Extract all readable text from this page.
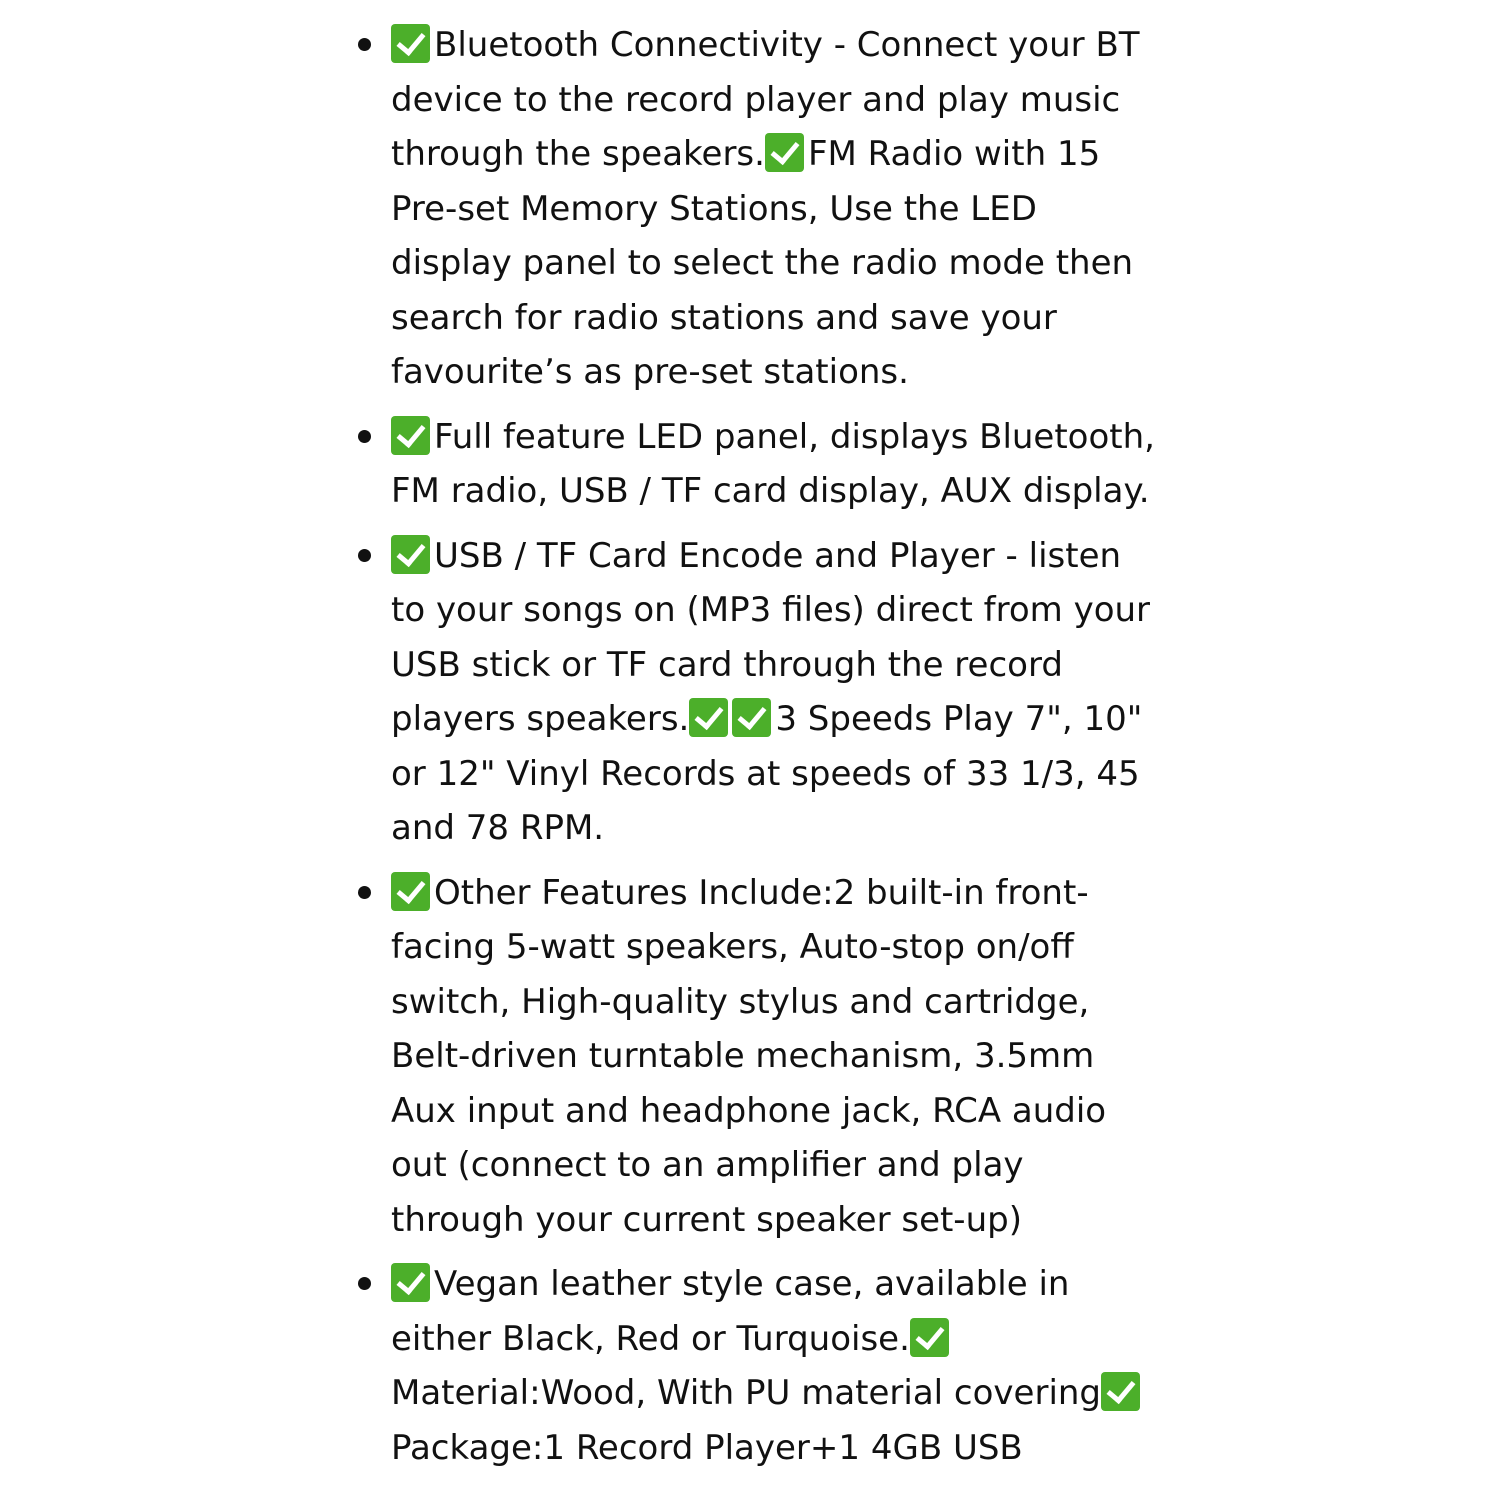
Bluetooth Connectivity - Connect your BT device to the record player and play music through the speakers. FM Radio with 15 Pre-set Memory Stations, Use the LED display panel to select the radio mode then search for radio stations and save your favourite’s as pre-set stations.
Full feature LED panel, displays Bluetooth, FM radio, USB / TF card display, AUX display.
USB / TF Card Encode and Player - listen to your songs on (MP3 files) direct from your USB stick or TF card through the record players speakers.	3 Speeds Play 7", 10" or 12" Vinyl Records at speeds of 33 1/3, 45 and 78 RPM.
Other Features Include:2 built-in front-facing 5-watt speakers, Auto-stop on/off switch, High-quality stylus and cartridge, Belt-driven turntable mechanism, 3.5mm Aux input and headphone jack, RCA audio out (connect to an amplifier and play through your current speaker set-up)
Vegan leather style case, available in either Black, Red or Turquoise. Material:Wood, With PU material covering Package:1 Record Player+1 4GB USB
